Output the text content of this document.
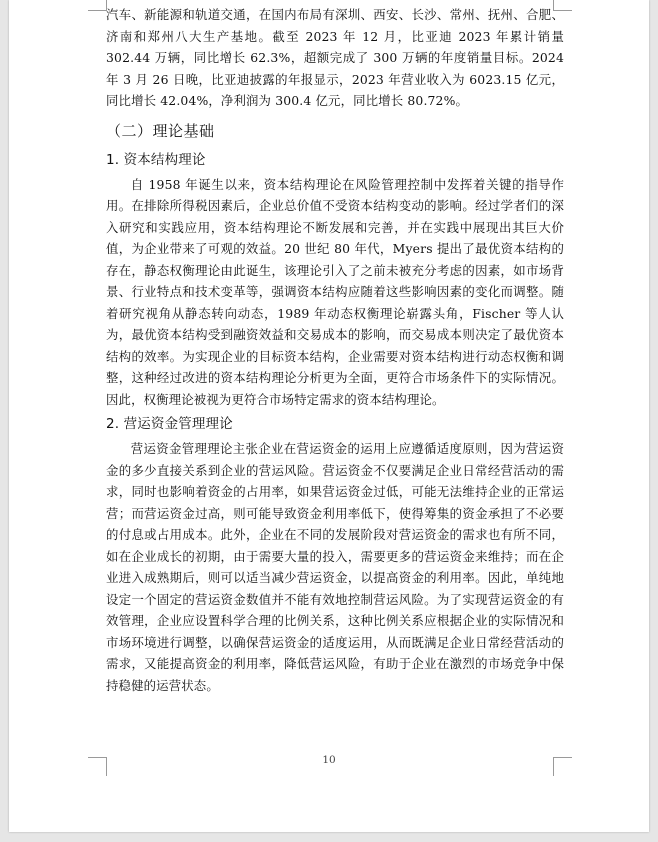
汽车、新能源和轨道交通，在国内布局有深圳、西安、长沙、常州、抚州、合肥、济南和郑州八大生产基地。截至 2023 年 12 月，比亚迪 2023 年累计销量 302.44 万辆，同比增长 62.3%，超额完成了 300 万辆的年度销量目标。2024 年 3 月 26 日晚，比亚迪披露的年报显示，2023 年营业收入为 6023.15 亿元，同比增长 42.04%，净利润为 300.4 亿元，同比增长 80.72%。

（二）理论基础

1. 资本结构理论

自 1958 年诞生以来，资本结构理论在风险管理控制中发挥着关键的指导作用。在排除所得税因素后，企业总价值不受资本结构变动的影响。经过学者们的深入研究和实践应用，资本结构理论不断发展和完善，并在实践中展现出其巨大价值，为企业带来了可观的效益。20 世纪 80 年代，Myers 提出了最优资本结构的存在，静态权衡理论由此诞生，该理论引入了之前未被充分考虑的因素，如市场背景、行业特点和技术变革等，强调资本结构应随着这些影响因素的变化而调整。随着研究视角从静态转向动态，1989 年动态权衡理论崭露头角，Fischer 等人认为，最优资本结构受到融资效益和交易成本的影响，而交易成本则决定了最优资本结构的效率。为实现企业的目标资本结构，企业需要对资本结构进行动态权衡和调整，这种经过改进的资本结构理论分析更为全面，更符合市场条件下的实际情况。因此，权衡理论被视为更符合市场特定需求的资本结构理论。

2. 营运资金管理理论

营运资金管理理论主张企业在营运资金的运用上应遵循适度原则，因为营运资金的多少直接关系到企业的营运风险。营运资金不仅要满足企业日常经营活动的需求，同时也影响着资金的占用率，如果营运资金过低，可能无法维持企业的正常运营；而营运资金过高，则可能导致资金利用率低下，使得筹集的资金承担了不必要的付息或占用成本。此外，企业在不同的发展阶段对营运资金的需求也有所不同，如在企业成长的初期，由于需要大量的投入，需要更多的营运资金来维持；而在企业进入成熟期后，则可以适当减少营运资金，以提高资金的利用率。因此，单纯地设定一个固定的营运资金数值并不能有效地控制营运风险。为了实现营运资金的有效管理，企业应设置科学合理的比例关系，这种比例关系应根据企业的实际情况和市场环境进行调整，以确保营运资金的适度运用，从而既满足企业日常经营活动的需求，又能提高资金的利用率，降低营运风险，有助于企业在激烈的市场竞争中保持稳健的运营状态。

10
